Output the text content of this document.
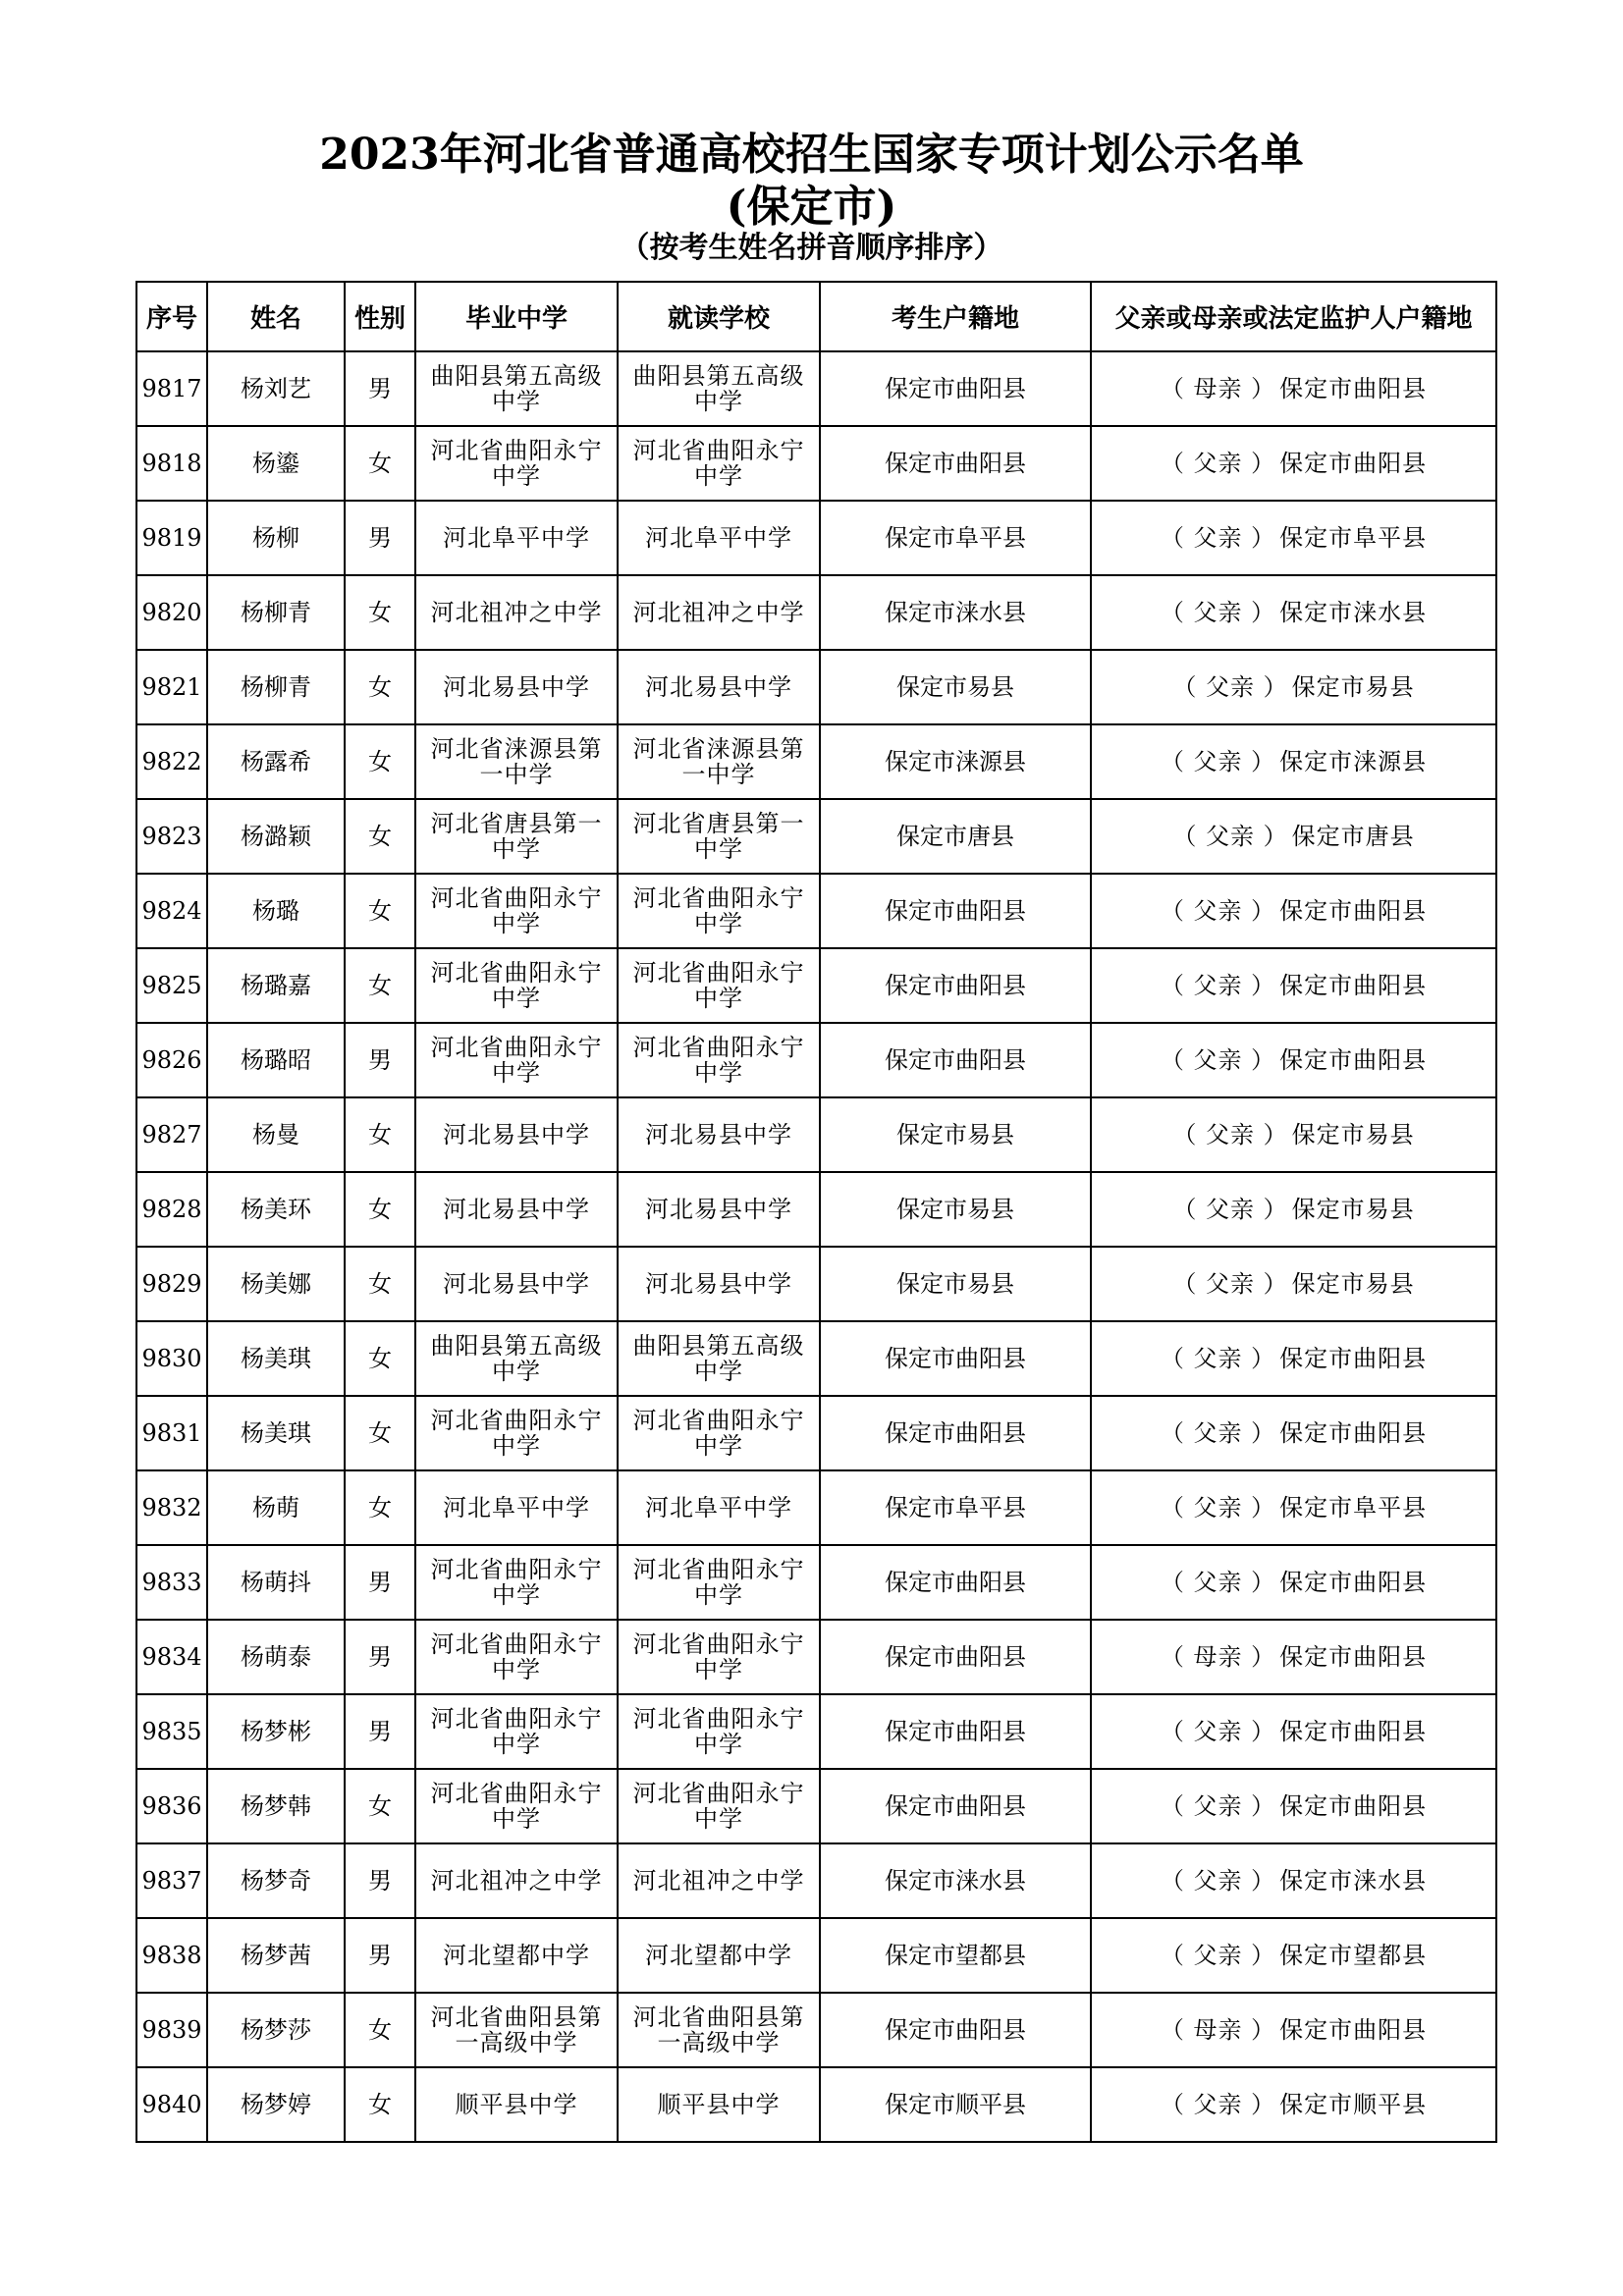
2023年河北省普通高校招生国家专项计划公示名单
(保定市)
（按考生姓名拼音顺序排序）
序号	姓名	性别	毕业中学	就读学校	考生户籍地	父亲或母亲或法定监护人户籍地
9817	杨刘艺	男	曲阳县第五高级中学	曲阳县第五高级中学	保定市曲阳县	（ 母亲 ） 保定市曲阳县
9818	杨鎏	女	河北省曲阳永宁中学	河北省曲阳永宁中学	保定市曲阳县	（ 父亲 ） 保定市曲阳县
9819	杨柳	男	河北阜平中学	河北阜平中学	保定市阜平县	（ 父亲 ） 保定市阜平县
9820	杨柳青	女	河北祖冲之中学	河北祖冲之中学	保定市涞水县	（ 父亲 ） 保定市涞水县
9821	杨柳青	女	河北易县中学	河北易县中学	保定市易县	（ 父亲 ） 保定市易县
9822	杨露希	女	河北省涞源县第一中学	河北省涞源县第一中学	保定市涞源县	（ 父亲 ） 保定市涞源县
9823	杨潞颖	女	河北省唐县第一中学	河北省唐县第一中学	保定市唐县	（ 父亲 ） 保定市唐县
9824	杨璐	女	河北省曲阳永宁中学	河北省曲阳永宁中学	保定市曲阳县	（ 父亲 ） 保定市曲阳县
9825	杨璐嘉	女	河北省曲阳永宁中学	河北省曲阳永宁中学	保定市曲阳县	（ 父亲 ） 保定市曲阳县
9826	杨璐昭	男	河北省曲阳永宁中学	河北省曲阳永宁中学	保定市曲阳县	（ 父亲 ） 保定市曲阳县
9827	杨曼	女	河北易县中学	河北易县中学	保定市易县	（ 父亲 ） 保定市易县
9828	杨美环	女	河北易县中学	河北易县中学	保定市易县	（ 父亲 ） 保定市易县
9829	杨美娜	女	河北易县中学	河北易县中学	保定市易县	（ 父亲 ） 保定市易县
9830	杨美琪	女	曲阳县第五高级中学	曲阳县第五高级中学	保定市曲阳县	（ 父亲 ） 保定市曲阳县
9831	杨美琪	女	河北省曲阳永宁中学	河北省曲阳永宁中学	保定市曲阳县	（ 父亲 ） 保定市曲阳县
9832	杨萌	女	河北阜平中学	河北阜平中学	保定市阜平县	（ 父亲 ） 保定市阜平县
9833	杨萌抖	男	河北省曲阳永宁中学	河北省曲阳永宁中学	保定市曲阳县	（ 父亲 ） 保定市曲阳县
9834	杨萌泰	男	河北省曲阳永宁中学	河北省曲阳永宁中学	保定市曲阳县	（ 母亲 ） 保定市曲阳县
9835	杨梦彬	男	河北省曲阳永宁中学	河北省曲阳永宁中学	保定市曲阳县	（ 父亲 ） 保定市曲阳县
9836	杨梦韩	女	河北省曲阳永宁中学	河北省曲阳永宁中学	保定市曲阳县	（ 父亲 ） 保定市曲阳县
9837	杨梦奇	男	河北祖冲之中学	河北祖冲之中学	保定市涞水县	（ 父亲 ） 保定市涞水县
9838	杨梦茜	男	河北望都中学	河北望都中学	保定市望都县	（ 父亲 ） 保定市望都县
9839	杨梦莎	女	河北省曲阳县第一高级中学	河北省曲阳县第一高级中学	保定市曲阳县	（ 母亲 ） 保定市曲阳县
9840	杨梦婷	女	顺平县中学	顺平县中学	保定市顺平县	（ 父亲 ） 保定市顺平县
